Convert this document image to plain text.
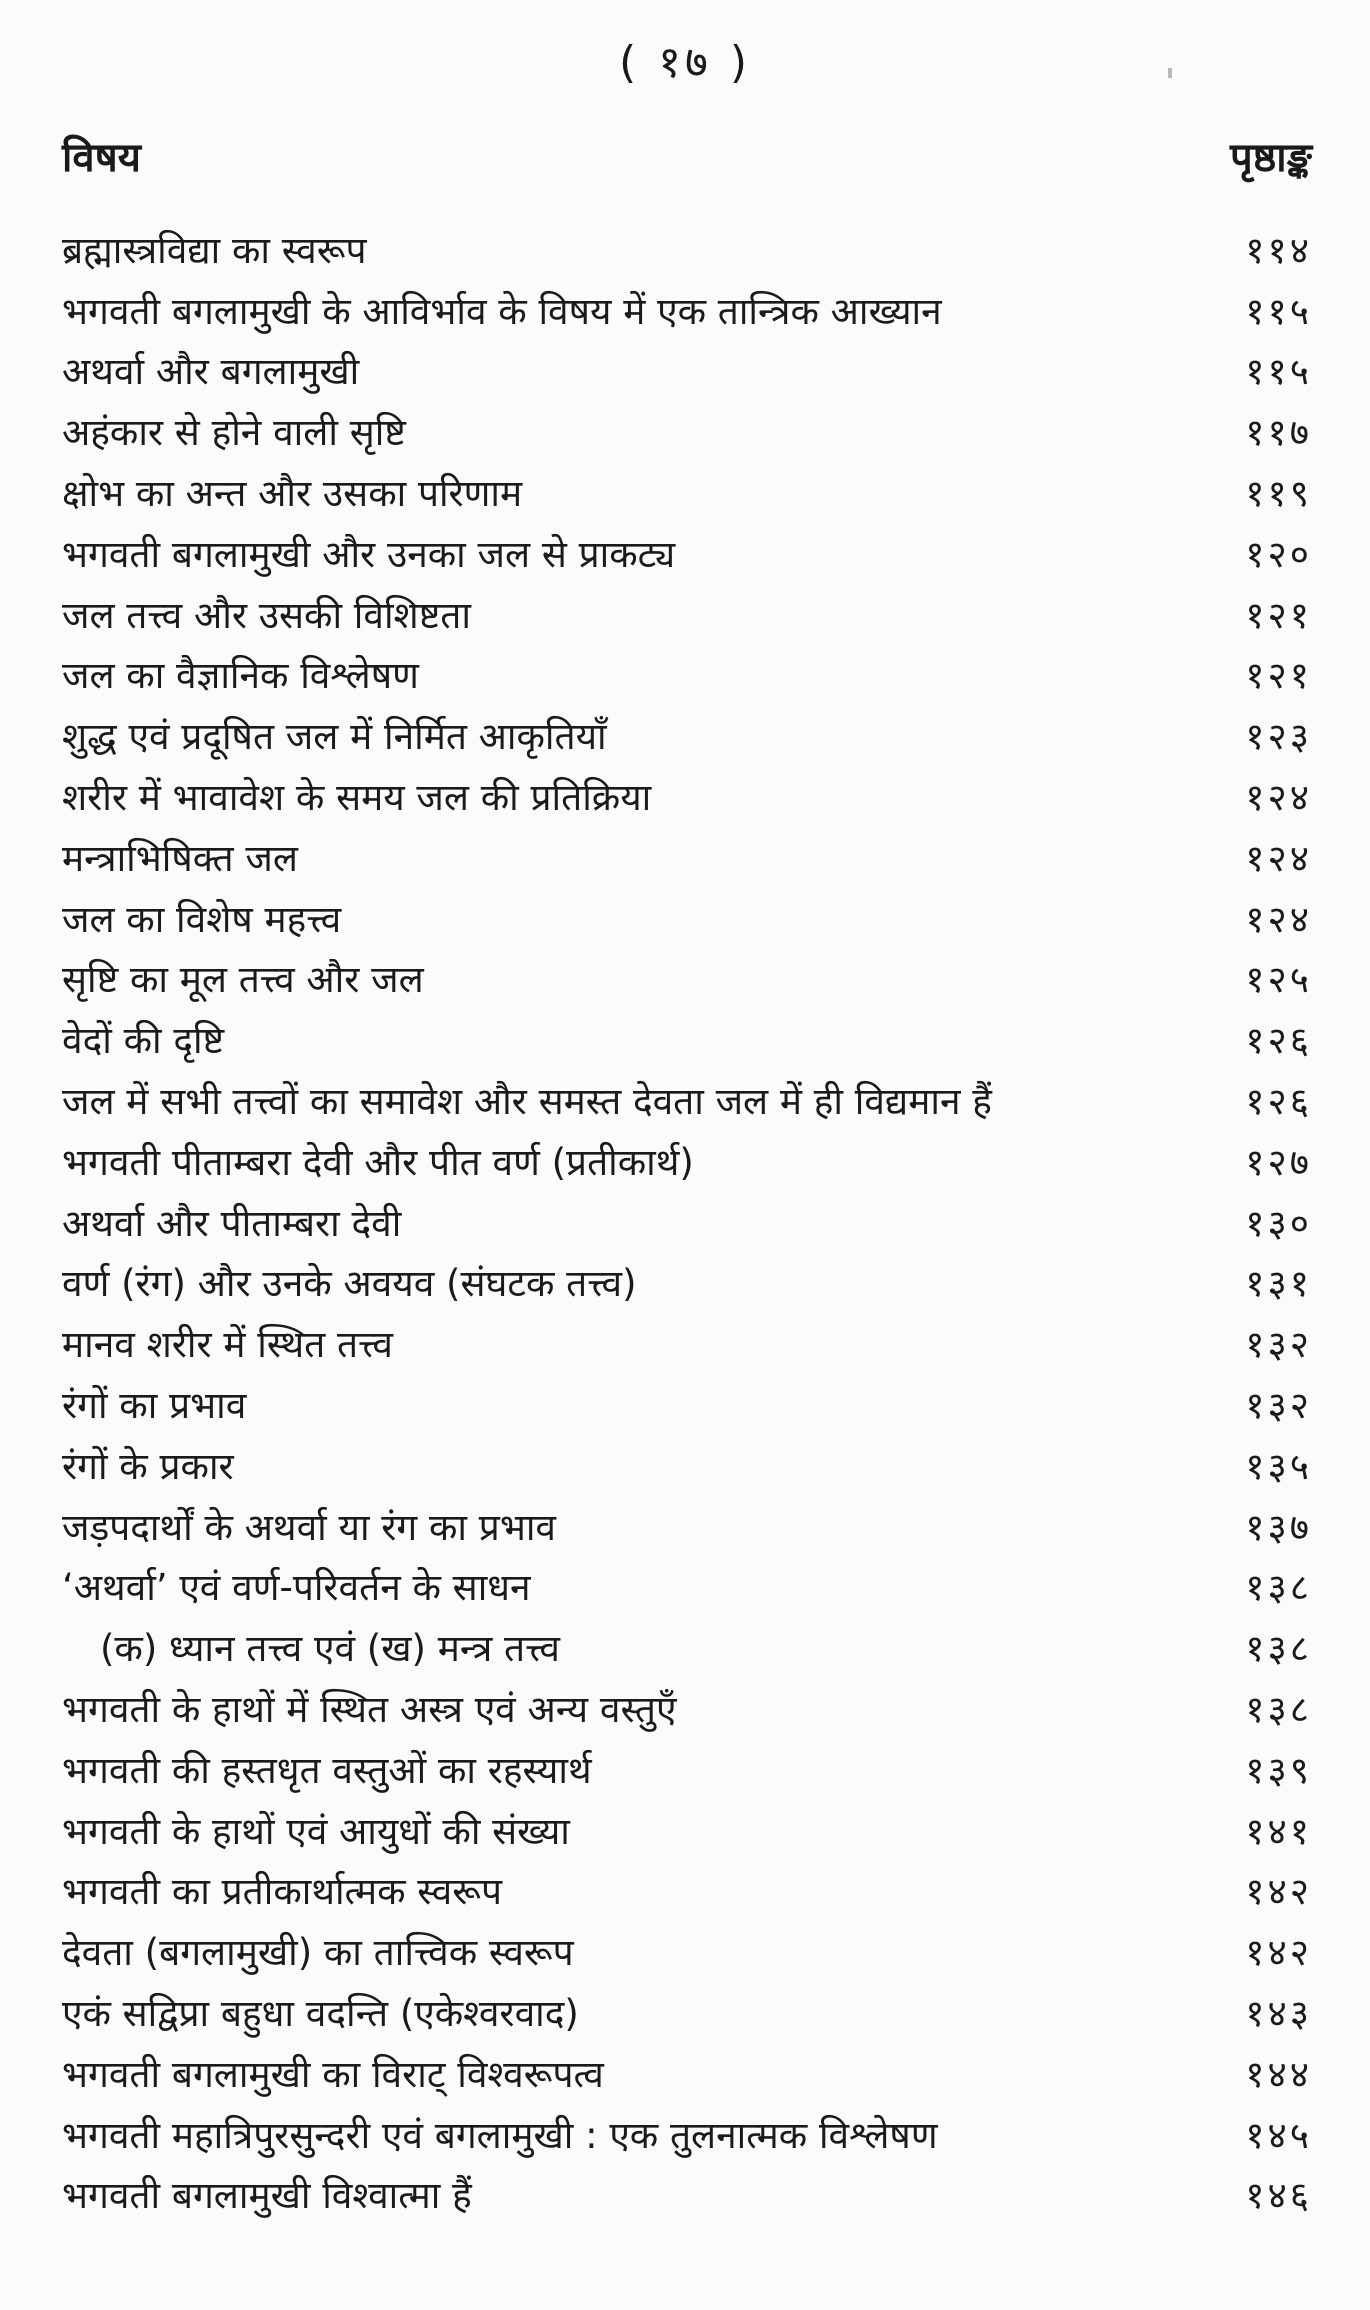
( १७ )
विषय	पृष्ठाङ्क
ब्रह्मास्त्रविद्या का स्वरूप	११४
भगवती बगलामुखी के आविर्भाव के विषय में एक तान्त्रिक आख्यान	११५
अथर्वा और बगलामुखी	११५
अहंकार से होने वाली सृष्टि	११७
क्षोभ का अन्त और उसका परिणाम	११९
भगवती बगलामुखी और उनका जल से प्राकट्य	१२०
जल तत्त्व और उसकी विशिष्टता	१२१
जल का वैज्ञानिक विश्लेषण	१२१
शुद्ध एवं प्रदूषित जल में निर्मित आकृतियाँ	१२३
शरीर में भावावेश के समय जल की प्रतिक्रिया	१२४
मन्त्राभिषिक्त जल	१२४
जल का विशेष महत्त्व	१२४
सृष्टि का मूल तत्त्व और जल	१२५
वेदों की दृष्टि	१२६
जल में सभी तत्त्वों का समावेश और समस्त देवता जल में ही विद्यमान हैं	१२६
भगवती पीताम्बरा देवी और पीत वर्ण (प्रतीकार्थ)	१२७
अथर्वा और पीताम्बरा देवी	१३०
वर्ण (रंग) और उनके अवयव (संघटक तत्त्व)	१३१
मानव शरीर में स्थित तत्त्व	१३२
रंगों का प्रभाव	१३२
रंगों के प्रकार	१३५
जड़पदार्थों के अथर्वा या रंग का प्रभाव	१३७
‘अथर्वा’ एवं वर्ण-परिवर्तन के साधन	१३८
(क) ध्यान तत्त्व एवं (ख) मन्त्र तत्त्व	१३८
भगवती के हाथों में स्थित अस्त्र एवं अन्य वस्तुएँ	१३८
भगवती की हस्तधृत वस्तुओं का रहस्यार्थ	१३९
भगवती के हाथों एवं आयुधों की संख्या	१४१
भगवती का प्रतीकार्थात्मक स्वरूप	१४२
देवता (बगलामुखी) का तात्त्विक स्वरूप	१४२
एकं सद्विप्रा बहुधा वदन्ति (एकेश्वरवाद)	१४३
भगवती बगलामुखी का विराट् विश्वरूपत्व	१४४
भगवती महात्रिपुरसुन्दरी एवं बगलामुखी : एक तुलनात्मक विश्लेषण	१४५
भगवती बगलामुखी विश्वात्मा हैं	१४६
